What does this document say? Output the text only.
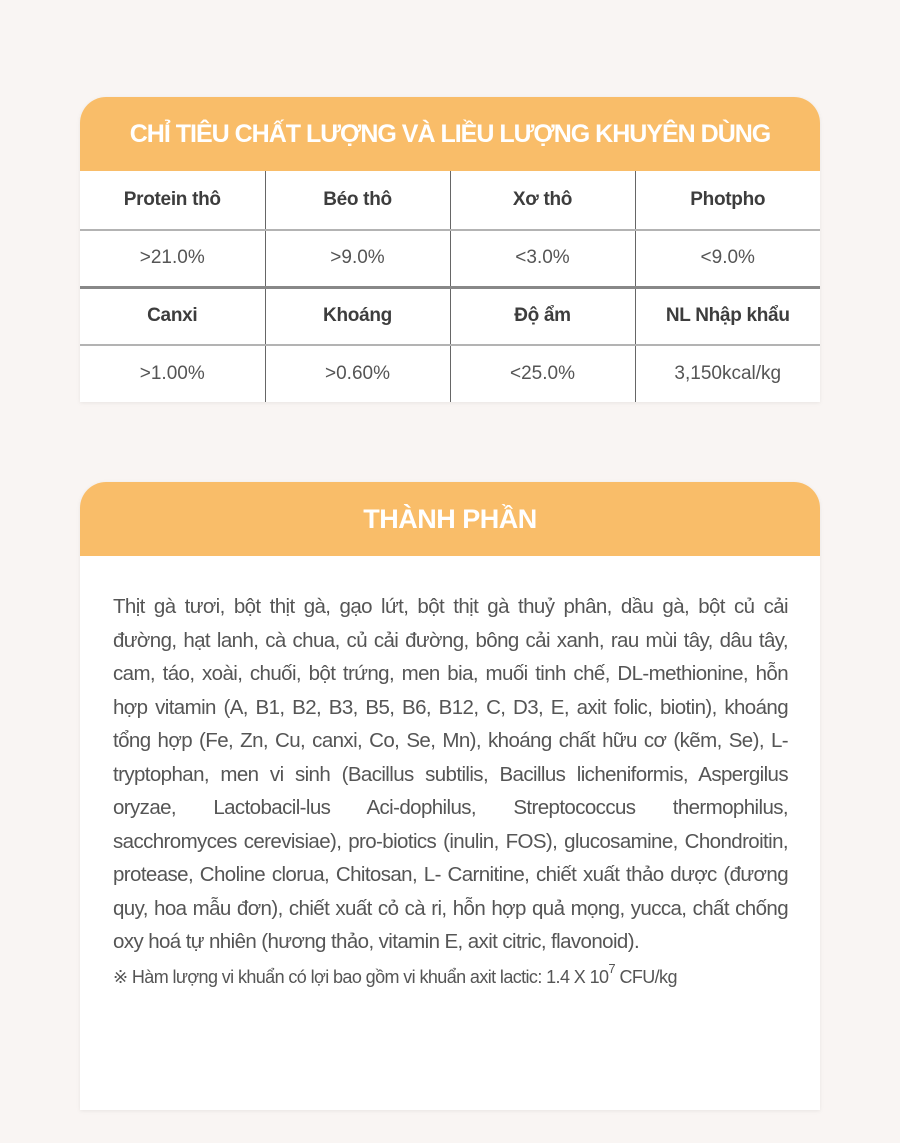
CHỈ TIÊU CHẤT LƯỢNG VÀ LIỀU LƯỢNG KHUYÊN DÙNG
Protein thô	Béo thô	Xơ thô	Photpho
>21.0%	>9.0%	<3.0%	<9.0%
Canxi	Khoáng	Độ ẩm	NL Nhập khẩu
>1.00%	>0.60%	<25.0%	3,150kcal/kg
THÀNH PHẦN

Thịt gà tươi, bột thịt gà, gạo lứt, bột thịt gà thuỷ phân, dầu gà, bột củ cải đường, hạt lanh, cà chua, củ cải đường, bông cải xanh, rau mùi tây, dâu tây, cam, táo, xoài, chuối, bột trứng, men bia, muối tinh chế, DL-methionine, hỗn hợp vitamin (A, B1, B2, B3, B5, B6, B12, C, D3, E, axit folic, biotin), khoáng tổng hợp (Fe, Zn, Cu, canxi, Co, Se, Mn), khoáng chất hữu cơ (kẽm, Se), L-tryptophan, men vi sinh (Bacillus subtilis, Bacillus licheniformis, Aspergilus oryzae, Lactobacil-lus Aci-dophilus, Streptococcus thermophilus, sacchromyces cerevisiae), pro-biotics (inulin, FOS), glucosamine, Chondroitin, protease, Choline clorua, Chitosan, L- Carnitine, chiết xuất thảo dược (đương quy, hoa mẫu đơn), chiết xuất cỏ cà ri, hỗn hợp quả mọng, yucca, chất chống oxy hoá tự nhiên (hương thảo, vitamin E, axit citric, flavonoid).

※ Hàm lượng vi khuẩn có lợi bao gồm vi khuẩn axit lactic: 1.4 X $10^7$ CFU/kg
